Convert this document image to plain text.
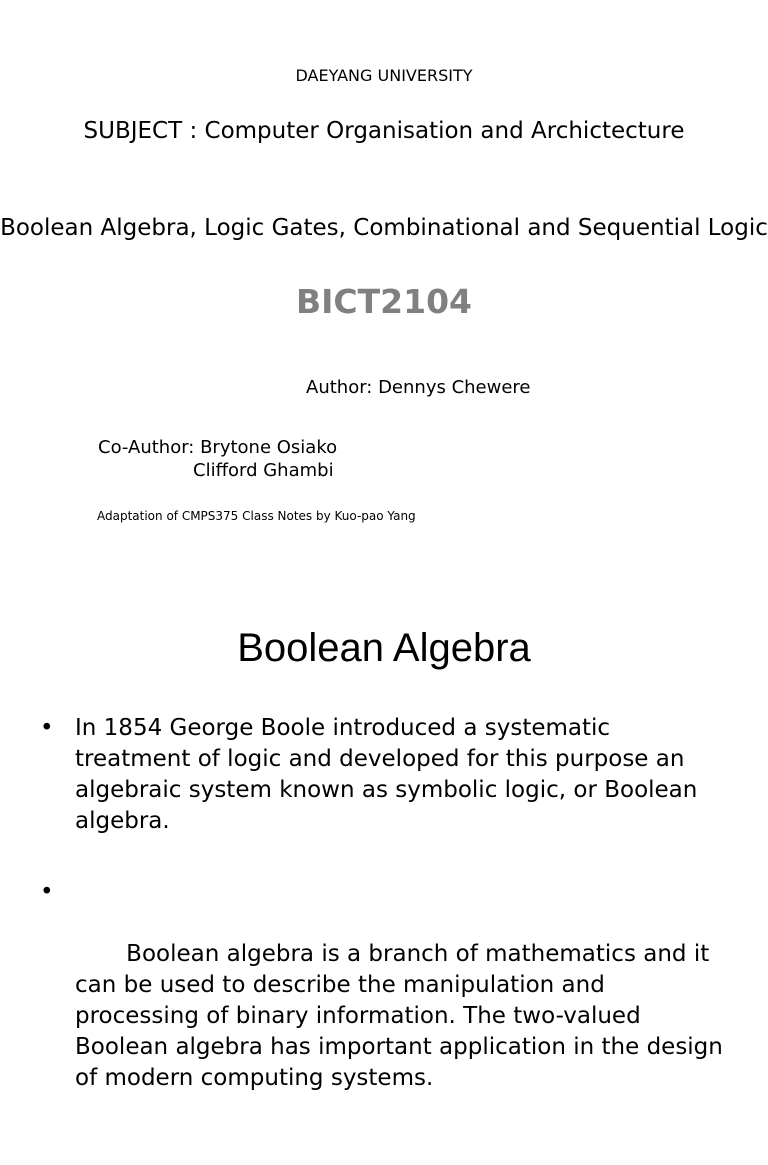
DAEYANG UNIVERSITY
SUBJECT : Computer Organisation and Archictecture
Boolean Algebra, Logic Gates, Combinational and Sequential Logic
BICT2104
Author: Dennys Chewere
Co-Author: Brytone Osiako
Clifford Ghambi
Adaptation of CMPS375 Class Notes by Kuo-pao Yang
Boolean Algebra
• In 1854 George Boole introduced a systematic treatment of logic and developed for this purpose an algebraic system known as symbolic logic, or Boolean algebra.

•

Boolean algebra is a branch of mathematics and it can be used to describe the manipulation and processing of binary information. The two-valued Boolean algebra has important application in the design of modern computing systems.
